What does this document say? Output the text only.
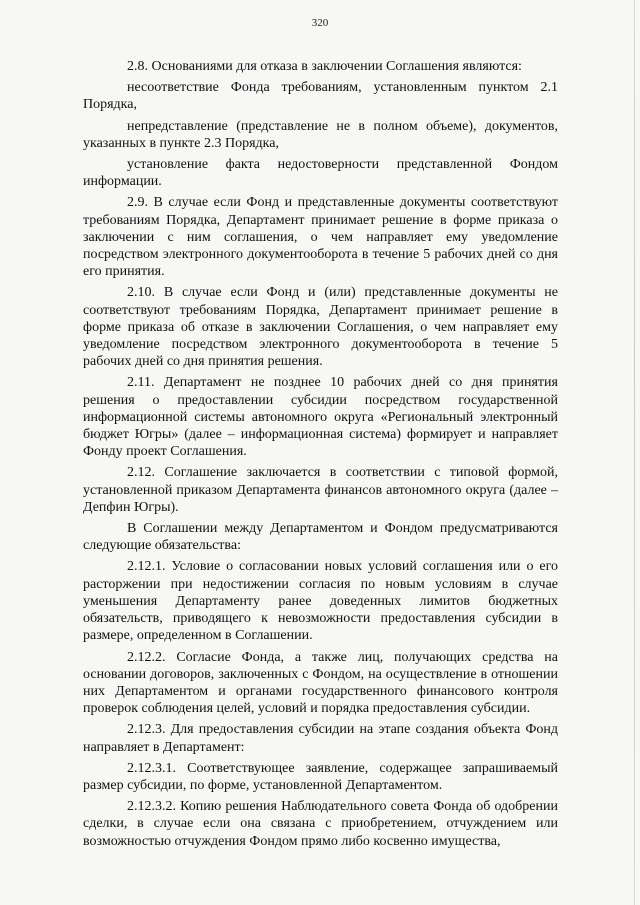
320

2.8. Основаниями для отказа в заключении Соглашения являются:

несоответствие Фонда требованиям, установленным пунктом 2.1 Порядка,

непредставление (представление не в полном объеме), документов, указанных в пункте 2.3 Порядка,

установление факта недостоверности представленной Фондом информации.

2.9. В случае если Фонд и представленные документы соответствуют требованиям Порядка, Департамент принимает решение в форме приказа о заключении с ним соглашения, о чем направляет ему уведомление посредством электронного документооборота в течение 5 рабочих дней со дня его принятия.

2.10. В случае если Фонд и (или) представленные документы не соответствуют требованиям Порядка, Департамент принимает решение в форме приказа об отказе в заключении Соглашения, о чем направляет ему уведомление посредством электронного документооборота в течение 5 рабочих дней со дня принятия решения.

2.11. Департамент не позднее 10 рабочих дней со дня принятия решения о предоставлении субсидии посредством государственной информационной системы автономного округа «Региональный электронный бюджет Югры» (далее – информационная система) формирует и направляет Фонду проект Соглашения.

2.12. Соглашение заключается в соответствии с типовой формой, установленной приказом Департамента финансов автономного округа (далее – Депфин Югры).

В Соглашении между Департаментом и Фондом предусматриваются следующие обязательства:

2.12.1. Условие о согласовании новых условий соглашения или о его расторжении при недостижении согласия по новым условиям в случае уменьшения Департаменту ранее доведенных лимитов бюджетных обязательств, приводящего к невозможности предоставления субсидии в размере, определенном в Соглашении.

2.12.2. Согласие Фонда, а также лиц, получающих средства на основании договоров, заключенных с Фондом, на осуществление в отношении них Департаментом и органами государственного финансового контроля проверок соблюдения целей, условий и порядка предоставления субсидии.

2.12.3. Для предоставления субсидии на этапе создания объекта Фонд направляет в Департамент:

2.12.3.1. Соответствующее заявление, содержащее запрашиваемый размер субсидии, по форме, установленной Департаментом.

2.12.3.2. Копию решения Наблюдательного совета Фонда об одобрении сделки, в случае если она связана с приобретением, отчуждением или возможностью отчуждения Фондом прямо либо косвенно имущества,
